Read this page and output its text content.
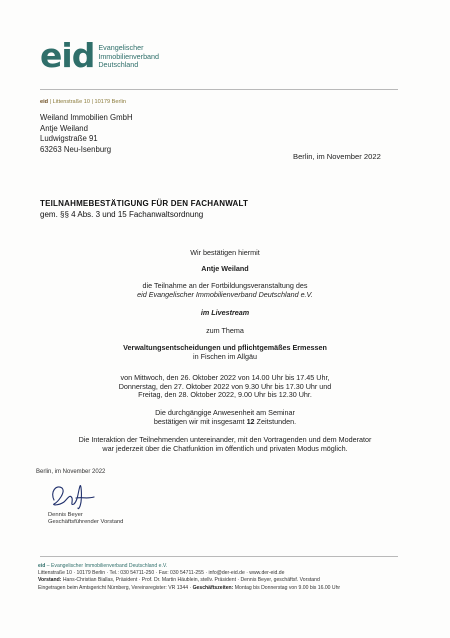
eid Evangelischer
Immobilienverband
Deutschland
eid | Littenstraße 10 | 10179 Berlin
Weiland Immobilien GmbH
Antje Weiland
Ludwigstraße 91
63263 Neu-Isenburg
Berlin, im November 2022
TEILNAHMEBESTÄTIGUNG FÜR DEN FACHANWALT
gem. §§ 4 Abs. 3 und 15 Fachanwaltsordnung
Wir bestätigen hiermit
Antje Weiland
die Teilnahme an der Fortbildungsveranstaltung des
eid Evangelischer Immobilienverband Deutschland e.V.
im Livestream
zum Thema
Verwaltungsentscheidungen und pflichtgemäßes Ermessen
in Fischen im Allgäu
von Mittwoch, den 26. Oktober 2022 von 14.00 Uhr bis 17.45 Uhr,
Donnerstag, den 27. Oktober 2022 von 9.30 Uhr bis 17.30 Uhr und
Freitag, den 28. Oktober 2022, 9.00 Uhr bis 12.30 Uhr.
Die durchgängige Anwesenheit am Seminar
bestätigen wir mit insgesamt 12 Zeitstunden.
Die Interaktion der Teilnehmenden untereinander, mit den Vortragenden und dem Moderator
war jederzeit über die Chatfunktion im öffentlich und privaten Modus möglich.
Berlin, im November 2022
Dennis Beyer
Geschäftsführender Vorstand
eid – Evangelischer Immobilienverband Deutschland e.V.
Littenstraße 10 · 10179 Berlin · Tel.: 030 54711-250 · Fax: 030 54711-255 · info@der-eid.de · www.der-eid.de
Vorstand: Hans-Christian Biallas, Präsident · Prof. Dr. Martin Häublein, stellv. Präsident · Dennis Beyer, geschäftsf. Vorstand
Eingetragen beim Amtsgericht Nürnberg, Vereinsregister: VR 1344 · Geschäftszeiten: Montag bis Donnerstag von 9.00 bis 16.00 Uhr
